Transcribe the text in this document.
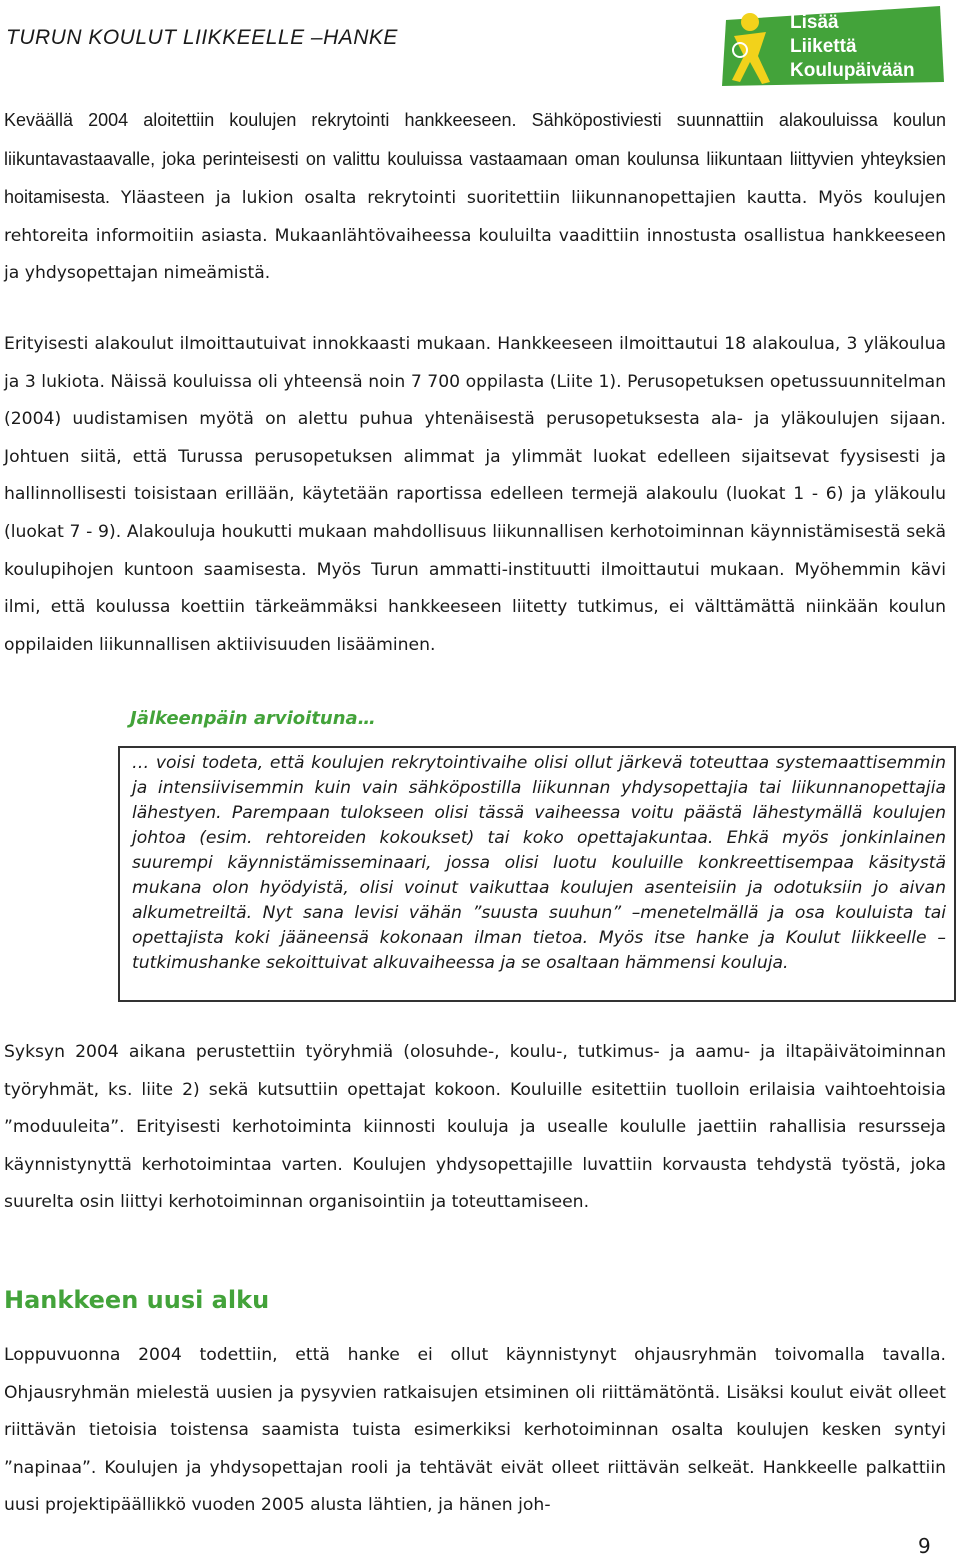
TURUN KOULUT LIIKKEELLE –HANKE
Lisää
Liikettä
Koulupäivään

Keväällä 2004 aloitettiin koulujen rekrytointi hankkeeseen. Sähköpostiviesti suunnattiin alakouluissa koulun liikuntavastaavalle, joka perinteisesti on valittu kouluissa vastaamaan oman koulunsa liikuntaan liittyvien yhteyksien hoitamisesta. Yläasteen ja lukion osalta rekrytointi suoritettiin liikunnanopettajien kautta. Myös koulujen rehtoreita informoitiin asiasta. Mukaanlähtövaiheessa kouluilta vaadittiin innostusta osallistua hankkeeseen ja yhdysopettajan nimeämistä.

Erityisesti alakoulut ilmoittautuivat innokkaasti mukaan. Hankkeeseen ilmoittautui 18 alakoulua, 3 yläkoulua ja 3 lukiota. Näissä kouluissa oli yhteensä noin 7 700 oppilasta (Liite 1). Perusopetuksen opetussuunnitelman (2004) uudistamisen myötä on alettu puhua yhtenäisestä perusopetuksesta ala- ja yläkoulujen sijaan. Johtuen siitä, että Turussa perusopetuksen alimmat ja ylimmät luokat edelleen sijaitsevat fyysisesti ja hallinnollisesti toisistaan erillään, käytetään raportissa edelleen termejä alakoulu (luokat 1 - 6) ja yläkoulu (luokat 7 - 9). Alakouluja houkutti mukaan mahdollisuus liikunnallisen kerhotoiminnan käynnistämisestä sekä koulupihojen kuntoon saamisesta. Myös Turun ammatti-instituutti ilmoittautui mukaan. Myöhemmin kävi ilmi, että koulussa koettiin tärkeämmäksi hankkeeseen liitetty tutkimus, ei välttämättä niinkään koulun oppilaiden liikunnallisen aktiivisuuden lisääminen.

Jälkeenpäin arvioituna…

… voisi todeta, että koulujen rekrytointivaihe olisi ollut järkevä toteuttaa systemaattisemmin ja intensiivisemmin kuin vain sähköpostilla liikunnan yhdysopettajia tai liikunnanopettajia lähestyen. Parempaan tulokseen olisi tässä vaiheessa voitu päästä lähestymällä koulujen johtoa (esim. rehtoreiden kokoukset) tai koko opettajakuntaa. Ehkä myös jonkinlainen suurempi käynnistämisseminaari, jossa olisi luotu kouluille konkreettisempaa käsitystä mukana olon hyödyistä, olisi voinut vaikuttaa koulujen asenteisiin ja odotuksiin jo aivan alkumetreiltä. Nyt sana levisi vähän ”suusta suuhun” –menetelmällä ja osa kouluista tai opettajista koki jääneensä kokonaan ilman tietoa. Myös itse hanke ja Koulut liikkeelle –tutkimushanke sekoittuivat alkuvaiheessa ja se osaltaan hämmensi kouluja.

Syksyn 2004 aikana perustettiin työryhmiä (olosuhde-, koulu-, tutkimus- ja aamu- ja iltapäivätoiminnan työryhmät, ks. liite 2) sekä kutsuttiin opettajat kokoon. Kouluille esitettiin tuolloin erilaisia vaihtoehtoisia ”moduuleita”. Erityisesti kerhotoiminta kiinnosti kouluja ja usealle koululle jaettiin rahallisia resursseja käynnistynyttä kerhotoimintaa varten. Koulujen yhdysopettajille luvattiin korvausta tehdystä työstä, joka suurelta osin liittyi kerhotoiminnan organisointiin ja toteuttamiseen.

Hankkeen uusi alku

Loppuvuonna 2004 todettiin, että hanke ei ollut käynnistynyt ohjausryhmän toivomalla tavalla. Ohjausryhmän mielestä uusien ja pysyvien ratkaisujen etsiminen oli riittämätöntä. Lisäksi koulut eivät olleet riittävän tietoisia toistensa saamista tuista esimerkiksi kerhotoiminnan osalta koulujen kesken syntyi ”napinaa”. Koulujen ja yhdysopettajan rooli ja tehtävät eivät olleet riittävän selkeät. Hankkeelle palkattiin uusi projektipäällikkö vuoden 2005 alusta lähtien, ja hänen joh-

9
